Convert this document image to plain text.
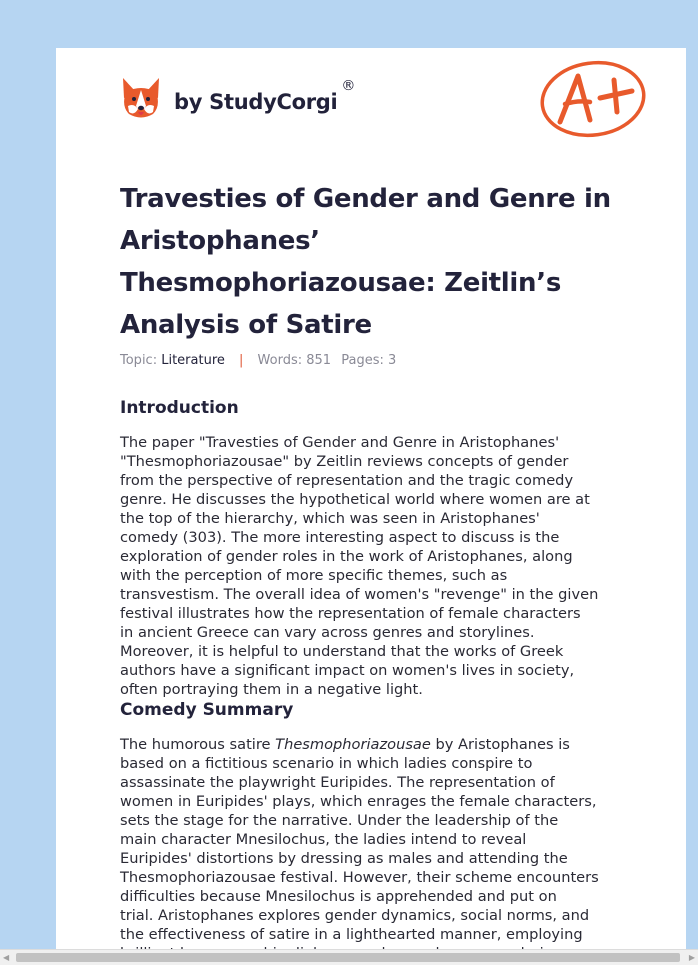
by StudyCorgi
®
Travesties of Gender and Genre in
Aristophanes’
Thesmophoriazousae: Zeitlin’s
Analysis of Satire
Topic: Literature | Words: 851 Pages: 3
Introduction
The paper "Travesties of Gender and Genre in Aristophanes'
"Thesmophoriazousae" by Zeitlin reviews concepts of gender
from the perspective of representation and the tragic comedy
genre. He discusses the hypothetical world where women are at
the top of the hierarchy, which was seen in Aristophanes'
comedy (303). The more interesting aspect to discuss is the
exploration of gender roles in the work of Aristophanes, along
with the perception of more specific themes, such as
transvestism. The overall idea of women's "revenge" in the given
festival illustrates how the representation of female characters
in ancient Greece can vary across genres and storylines.
Moreover, it is helpful to understand that the works of Greek
authors have a significant impact on women's lives in society,
often portraying them in a negative light.
Comedy Summary
The humorous satire Thesmophoriazousae by Aristophanes is
based on a fictitious scenario in which ladies conspire to
assassinate the playwright Euripides. The representation of
women in Euripides' plays, which enrages the female characters,
sets the stage for the narrative. Under the leadership of the
main character Mnesilochus, the ladies intend to reveal
Euripides' distortions by dressing as males and attending the
Thesmophoriazousae festival. However, their scheme encounters
difficulties because Mnesilochus is apprehended and put on
trial. Aristophanes explores gender dynamics, social norms, and
the effectiveness of satire in a lighthearted manner, employing
◀	▶
